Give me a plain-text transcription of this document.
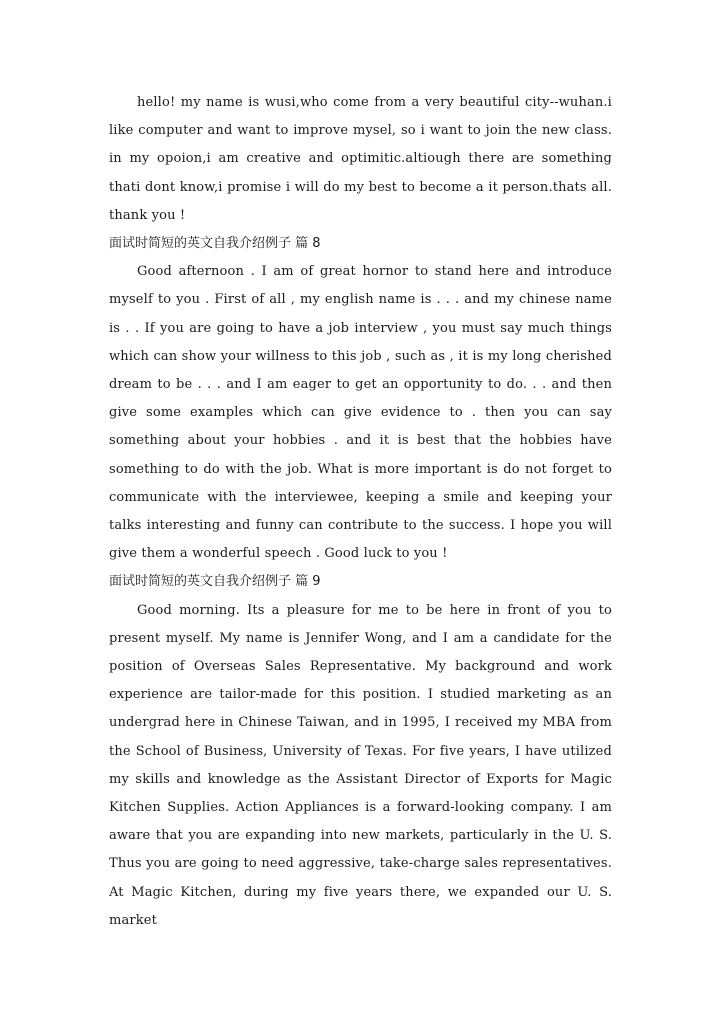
hello! my name is wusi,who come from a very beautiful city--wuhan.i like computer and want to improve mysel, so i want to join the new class. in my opoion,i am creative and optimitic.altiough there are something thati dont know,i promise i will do my best to become a it person.thats all. thank you !

面试时简短的英文自我介绍例子 篇 8

Good afternoon . I am of great hornor to stand here and introduce myself to you . First of all , my english name is . . . and my chinese name is . . If you are going to have a job interview , you must say much things which can show your willness to this job , such as , it is my long cherished dream to be . . . and I am eager to get an opportunity to do. . . and then give some examples which can give evidence to . then you can say something about your hobbies . and it is best that the hobbies have something to do with the job. What is more important is do not forget to communicate with the interviewee, keeping a smile and keeping your talks interesting and funny can contribute to the success. I hope you will give them a wonderful speech . Good luck to you !

面试时简短的英文自我介绍例子 篇 9

Good morning. Its a pleasure for me to be here in front of you to present myself. My name is Jennifer Wong, and I am a candidate for the position of Overseas Sales Representative. My background and work experience are tailor-made for this position. I studied marketing as an undergrad here in Chinese Taiwan, and in 1995, I received my MBA from the School of Business, University of Texas. For five years, I have utilized my skills and knowledge as the Assistant Director of Exports for Magic Kitchen Supplies. Action Appliances is a forward-looking company. I am aware that you are expanding into new markets, particularly in the U. S. Thus you are going to need aggressive, take-charge sales representatives. At Magic Kitchen, during my five years there, we expanded our U. S. market
